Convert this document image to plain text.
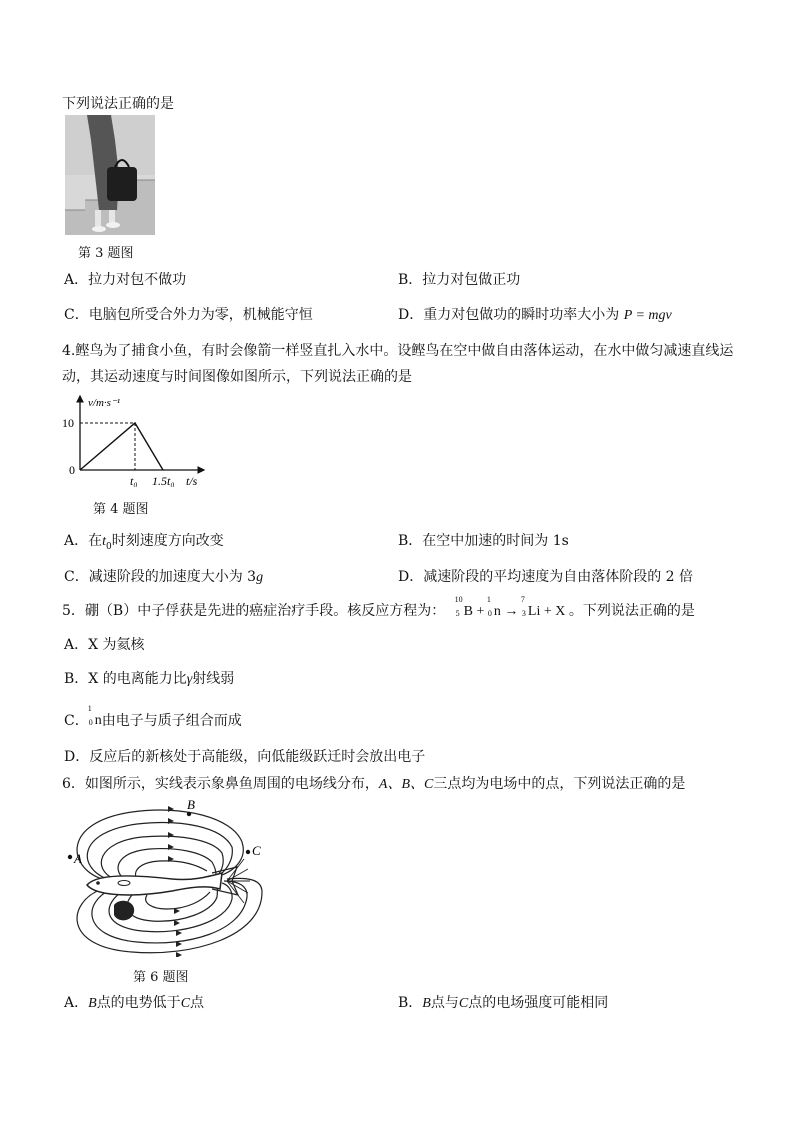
下列说法正确的是
第 3 题图
A．拉力对包不做功	B．拉力对包做正功
C．电脑包所受合外力为零，机械能守恒	D．重力对包做功的瞬时功率大小为 P = mgv
4.鲣鸟为了捕食小鱼，有时会像箭一样竖直扎入水中。设鲣鸟在空中做自由落体运动，在水中做匀减速直线运
动，其运动速度与时间图像如图所示，下列说法正确的是
v/m·s⁻¹
10
0
t₀ 1.5t₀ t/s
第 4 题图
A．在$t_0$时刻速度方向改变	B．在空中加速的时间为 1s
C．减速阶段的加速度大小为 3g	D．减速阶段的平均速度为自由落体阶段的 2 倍
5．硼（B）中子俘获是先进的癌症治疗手段。核反应方程为：
10
5 B +
1
0 n →
7
3 Li + X 。下列说法正确的是
A．X 为氦核
B．X 的电离能力比γ射线弱
C．
1
0 n由电子与质子组合而成
D．反应后的新核处于高能级，向低能级跃迁时会放出电子
6．如图所示，实线表示象鼻鱼周围的电场线分布，A、B、C三点均为电场中的点，下列说法正确的是
A
B
C
第 6 题图
A．B点的电势低于C点	B．B点与C点的电场强度可能相同
